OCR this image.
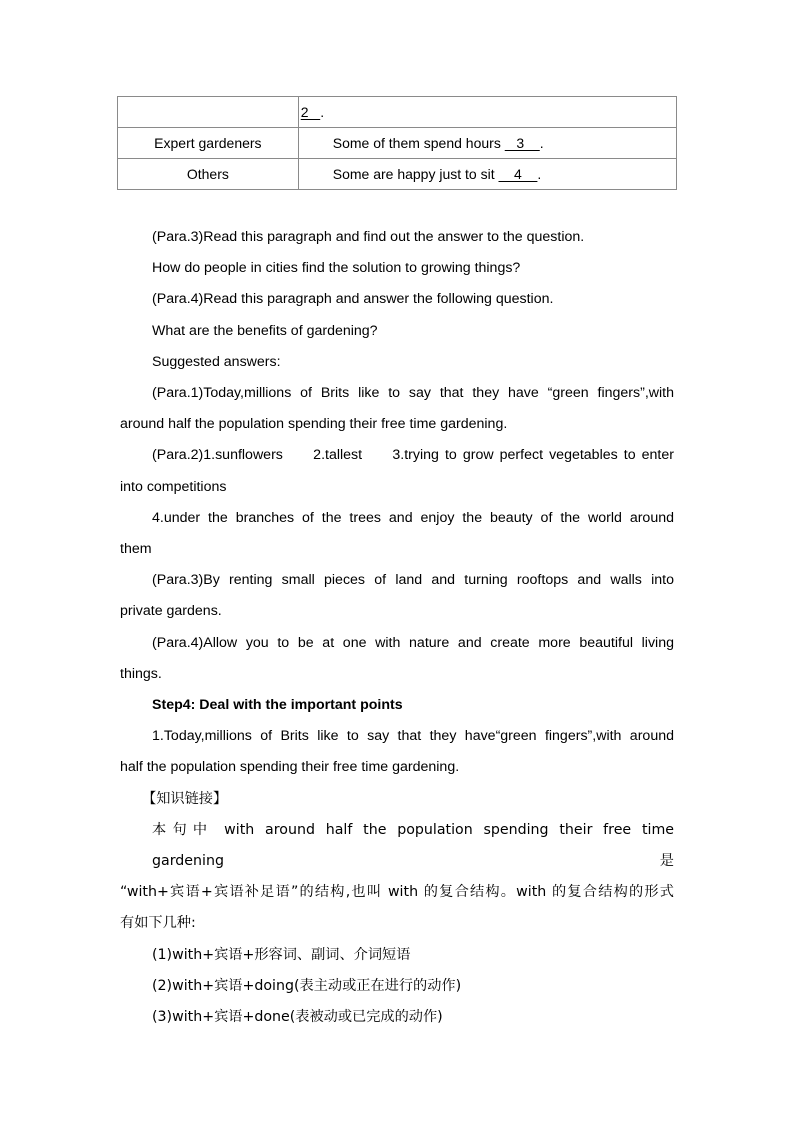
	2   .
Expert gardeners	Some of them spend hours    3    .
Others	Some are happy just to sit     4    .

(Para.3)Read this paragraph and find out the answer to the question.

How do people in cities find the solution to growing things?

(Para.4)Read this paragraph and answer the following question.

What are the benefits of gardening?

Suggested answers:

(Para.1)Today,millions of Brits like to say that they have “green fingers”,with

around half the population spending their free time gardening.

(Para.2)1.sunflowers     2.tallest     3.trying to grow perfect vegetables to enter

into competitions

4.under the branches of the trees and enjoy the beauty of the world around

them

(Para.3)By renting small pieces of land and turning rooftops and walls into

private gardens.

(Para.4)Allow you to be at one with nature and create more beautiful living

things.

Step4: Deal with the important points

1.Today,millions of Brits like to say that they have“green fingers”,with around

half the population spending their free time gardening.

【知识链接】

本句中 with around half the population spending their free time gardening 是

“with+宾语+宾语补足语”的结构,也叫 with 的复合结构。with 的复合结构的形式

有如下几种:

(1)with+宾语+形容词、副词、介词短语

(2)with+宾语+doing(表主动或正在进行的动作)

(3)with+宾语+done(表被动或已完成的动作)
